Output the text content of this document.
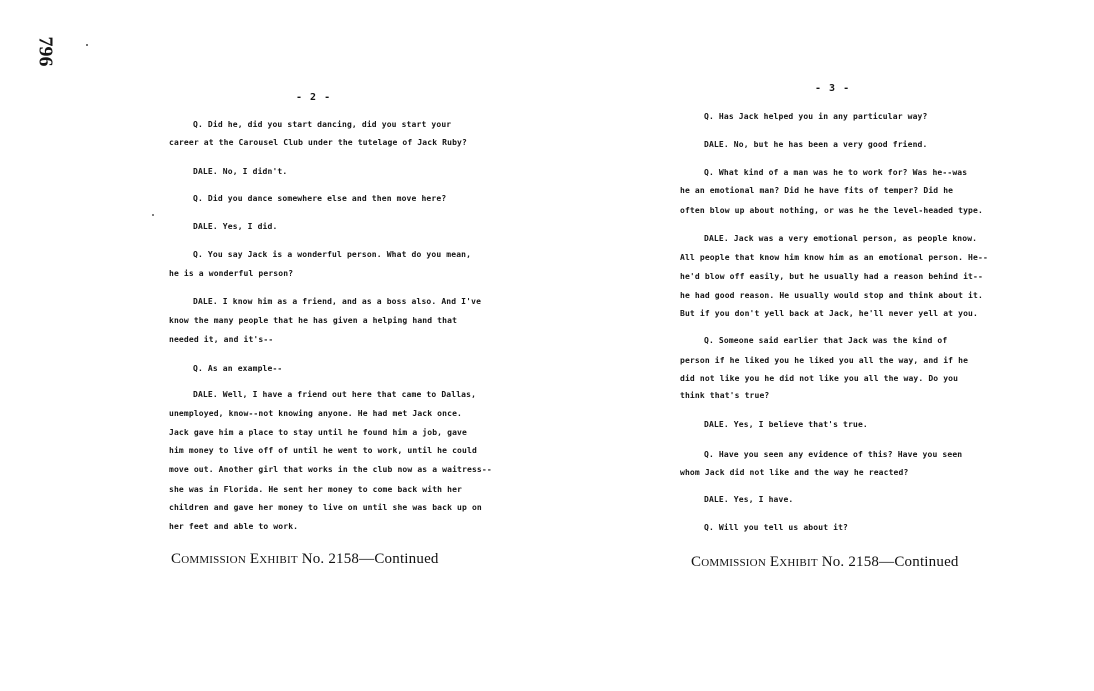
796
- 2 -
Q. Did he, did you start dancing, did you start your
career at the Carousel Club under the tutelage of Jack Ruby?
DALE. No, I didn't.
Q. Did you dance somewhere else and then move here?
DALE. Yes, I did.
Q. You say Jack is a wonderful person. What do you mean,
he is a wonderful person?
DALE. I know him as a friend, and as a boss also. And I've
know the many people that he has given a helping hand that
needed it, and it's--
Q. As an example--
DALE. Well, I have a friend out here that came to Dallas,
unemployed, know--not knowing anyone. He had met Jack once.
Jack gave him a place to stay until he found him a job, gave
him money to live off of until he went to work, until he could
move out. Another girl that works in the club now as a waitress--
she was in Florida. He sent her money to come back with her
children and gave her money to live on until she was back up on
her feet and able to work.
Commission Exhibit No. 2158—Continued
- 3 -
Q. Has Jack helped you in any particular way?
DALE. No, but he has been a very good friend.
Q. What kind of a man was he to work for? Was he--was
he an emotional man? Did he have fits of temper? Did he
often blow up about nothing, or was he the level-headed type.
DALE. Jack was a very emotional person, as people know.
All people that know him know him as an emotional person. He--
he'd blow off easily, but he usually had a reason behind it--
he had good reason. He usually would stop and think about it.
But if you don't yell back at Jack, he'll never yell at you.
Q. Someone said earlier that Jack was the kind of
person if he liked you he liked you all the way, and if he
did not like you he did not like you all the way. Do you
think that's true?
DALE. Yes, I believe that's true.
Q. Have you seen any evidence of this? Have you seen
whom Jack did not like and the way he reacted?
DALE. Yes, I have.
Q. Will you tell us about it?
Commission Exhibit No. 2158—Continued
